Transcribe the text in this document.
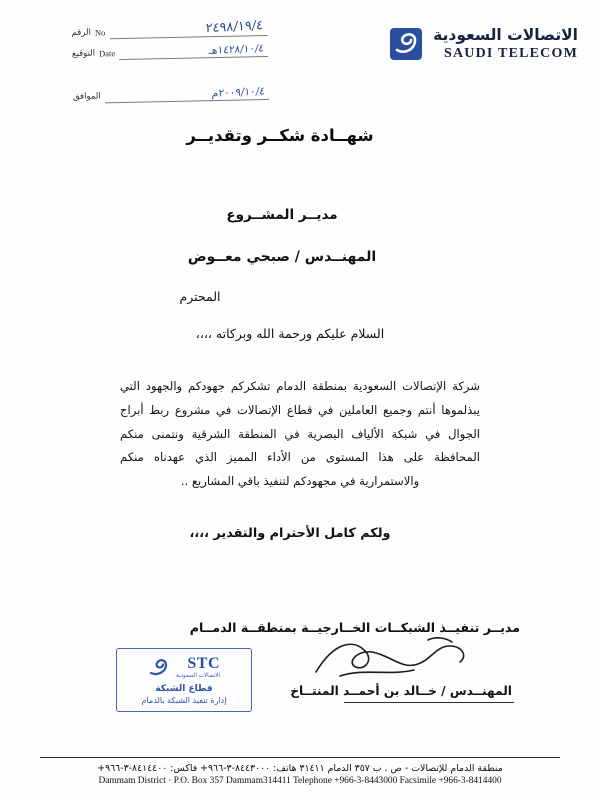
الاتصالات السعودية
SAUDI TELECOM
٢٤٩٨/١٩/٤
No
الرقم
١٤٢٨/١٠/٤هـ
Date
التوقيع
٢٠٠٩/١٠/٤م
الموافق
شهــادة شكــر وتقديــر
مديــر المشــروع
المهنــدس / صبحي معــوض
المحترم
السلام عليكم ورحمة الله وبركاته ،،،،
شركة الإتصالات السعودية بمنطقة الدمام تشكركم جهودكم والجهود التي يبذلموها أنتم وجميع العاملين في قطاع الإتصالات في مشروع ربط أبراج الجوال في شبكة الألياف البصرية في المنطقة الشرقية ونتمنى منكم المحافظة على هذا المستوى من الأداء المميز الذي عهدناه منكم والاستمرارية في مجهودكم لتنفيذ باقي المشاريع ..
ولكم كامل الأحترام والتقدير ،،،،
مديــر تنفيــذ الشبكــات الخــارجيــة بمنطقــة الدمــام
المهنــدس / خــالد بن أحمــد المنتــاخ
STC
الاتصالات السعودية
قطاع الشبكة
إدارة تنفيذ الشبكة بالدمام
منطقة الدمام للإتصالات - ص . ب ٣٥٧ الدمام ٣١٤١١ هاتف: ٨٤٤٣٠٠٠-٣-٩٦٦+ فاكس: ٨٤١٤٤٠٠-٣-٩٦٦+
Dammam District · P.O. Box 357 Dammam314411 Telephone +966-3-8443000 Facsimile +966-3-8414400
